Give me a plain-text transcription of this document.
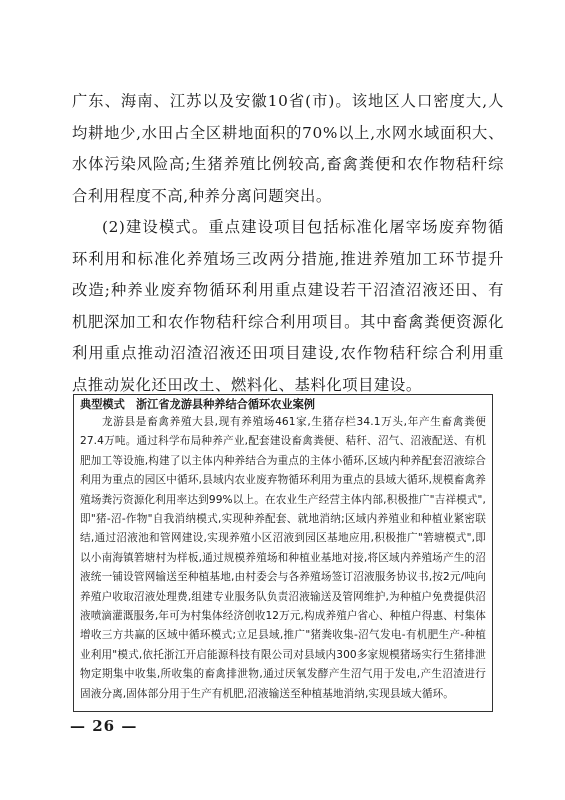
广东、海南、江苏以及安徽10省(市)。该地区人口密度大,人均耕地少,水田占全区耕地面积的70%以上,水网水域面积大、水体污染风险高;生猪养殖比例较高,畜禽粪便和农作物秸秆综合利用程度不高,种养分离问题突出。

(2)建设模式。重点建设项目包括标准化屠宰场废弃物循环利用和标准化养殖场三改两分措施,推进养殖加工环节提升改造;种养业废弃物循环利用重点建设若干沼渣沼液还田、有机肥深加工和农作物秸秆综合利用项目。其中畜禽粪便资源化利用重点推动沼渣沼液还田项目建设,农作物秸秆综合利用重点推动炭化还田改土、燃料化、基料化项目建设。

典型模式　浙江省龙游县种养结合循环农业案例
龙游县是畜禽养殖大县,现有养殖场461家,生猪存栏34.1万头,年产生畜禽粪便27.4万吨。通过科学布局种养产业,配套建设畜禽粪便、秸秆、沼气、沼液配送、有机肥加工等设施,构建了以主体内种养结合为重点的主体小循环,区域内种养配套沼液综合利用为重点的园区中循环,县域内农业废弃物循环利用为重点的县域大循环,规模畜禽养殖场粪污资源化利用率达到99%以上。在农业生产经营主体内部,积极推广"吉祥模式",即"猪-沼-作物"自我消纳模式,实现种养配套、就地消纳;区域内养殖业和种植业紧密联结,通过沼液池和管网建设,实现养殖小区沼液到园区基地应用,积极推广"箬塘模式",即以小南海镇箬塘村为样板,通过规模养殖场和种植业基地对接,将区域内养殖场产生的沼液统一铺设管网输送至种植基地,由村委会与各养殖场签订沼液服务协议书,按2元/吨向养殖户收取沼液处理费,组建专业服务队负责沼液输送及管网维护,为种植户免费提供沼液喷滴灌溉服务,年可为村集体经济创收12万元,构成养殖户省心、种植户得惠、村集体增收三方共赢的区域中循环模式;立足县域,推广"猪粪收集-沼气发电-有机肥生产-种植业利用"模式,依托浙江开启能源科技有限公司对县域内300多家规模猪场实行生猪排泄物定期集中收集,所收集的畜禽排泄物,通过厌氧发酵产生沼气用于发电,产生沼渣进行固液分离,固体部分用于生产有机肥,沼液输送至种植基地消纳,实现县域大循环。
— 26 —
